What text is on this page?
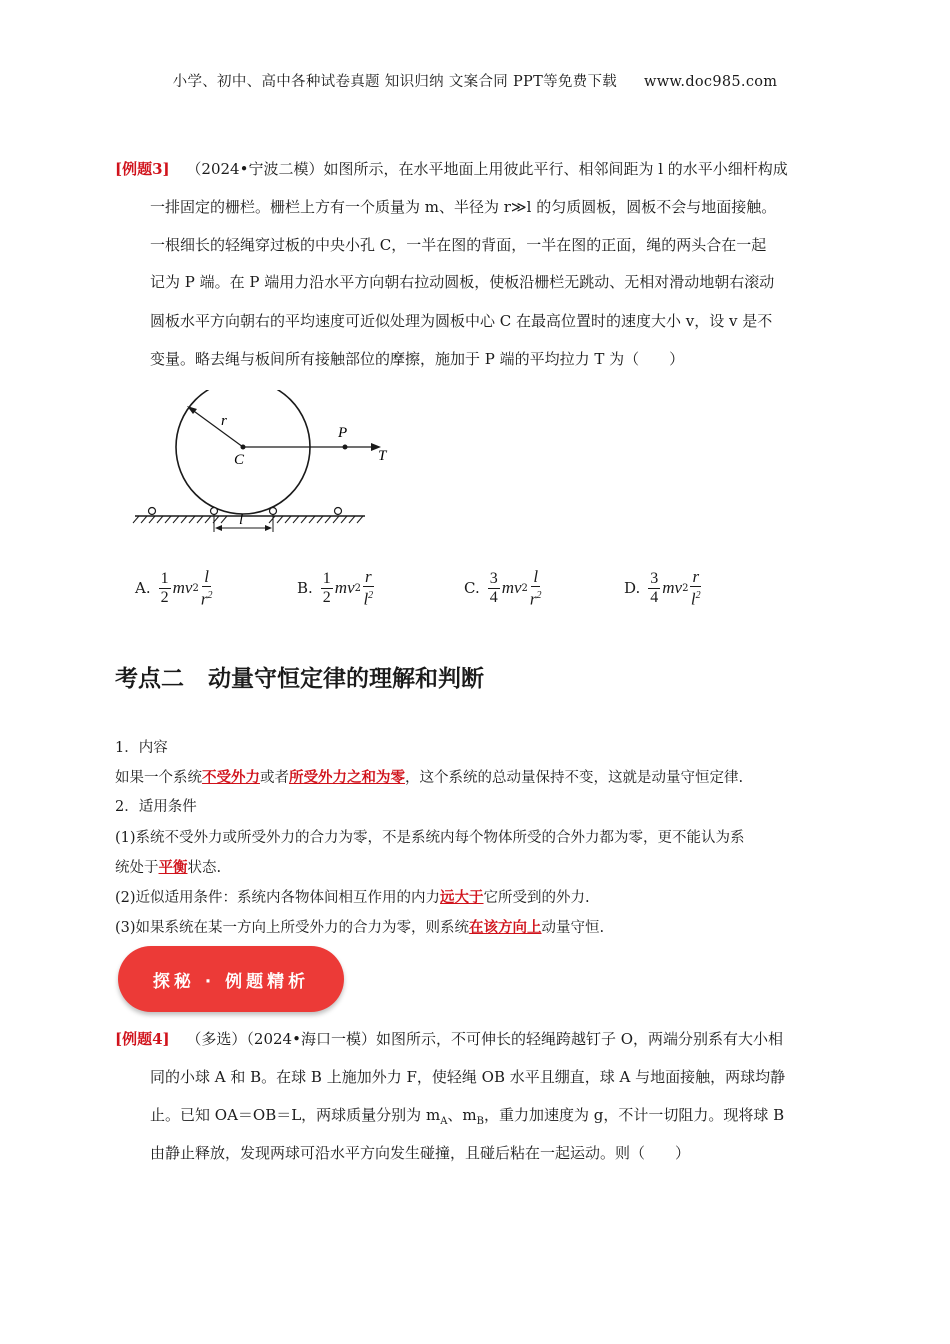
小学、初中、高中各种试卷真题 知识归纳 文案合同 PPT等免费下载 www.doc985.com
[例题3] （2024•宁波二模）如图所示，在水平地面上用彼此平行、相邻间距为 l 的水平小细杆构成
一排固定的栅栏。栅栏上方有一个质量为 m、半径为 r≫l 的匀质圆板，圆板不会与地面接触。
一根细长的轻绳穿过板的中央小孔 C，一半在图的背面，一半在图的正面，绳的两头合在一起
记为 P 端。在 P 端用力沿水平方向朝右拉动圆板，使板沿栅栏无跳动、无相对滑动地朝右滚动
圆板水平方向朝右的平均速度可近似处理为圆板中心 C 在最高位置时的速度大小 v，设 v 是不
变量。略去绳与板间所有接触部位的摩擦，施加于 P 端的平均拉力 T 为（　　）
r
C
P
T
l
A. $\frac{1}{2}$ mv $2 \frac{l}{r^2}$	B. $\frac{1}{2}$ mv $2 \frac{r}{l^2}$	C. $\frac{3}{4}$ mv $2 \frac{l}{r^2}$	D. $\frac{3}{4}$ mv $2 \frac{r}{l^2}$
考点二 动量守恒定律的理解和判断
1．内容
如果一个系统不受外力或者所受外力之和为零，这个系统的总动量保持不变，这就是动量守恒定律.
2．适用条件
(1)系统不受外力或所受外力的合力为零，不是系统内每个物体所受的合外力都为零，更不能认为系
统处于平衡状态.
(2)近似适用条件：系统内各物体间相互作用的内力远大于它所受到的外力.
(3)如果系统在某一方向上所受外力的合力为零，则系统在该方向上动量守恒.
探秘 · 例题精析
[例题4] （多选）（2024•海口一模）如图所示，不可伸长的轻绳跨越钉子 O，两端分别系有大小相
同的小球 A 和 B。在球 B 上施加外力 F，使轻绳 OB 水平且绷直，球 A 与地面接触，两球均静
止。已知 OA＝OB＝L，两球质量分别为 $m_A$、$m_B$，重力加速度为 g，不计一切阻力。现将球 B
由静止释放，发现两球可沿水平方向发生碰撞，且碰后粘在一起运动。则（　　）
